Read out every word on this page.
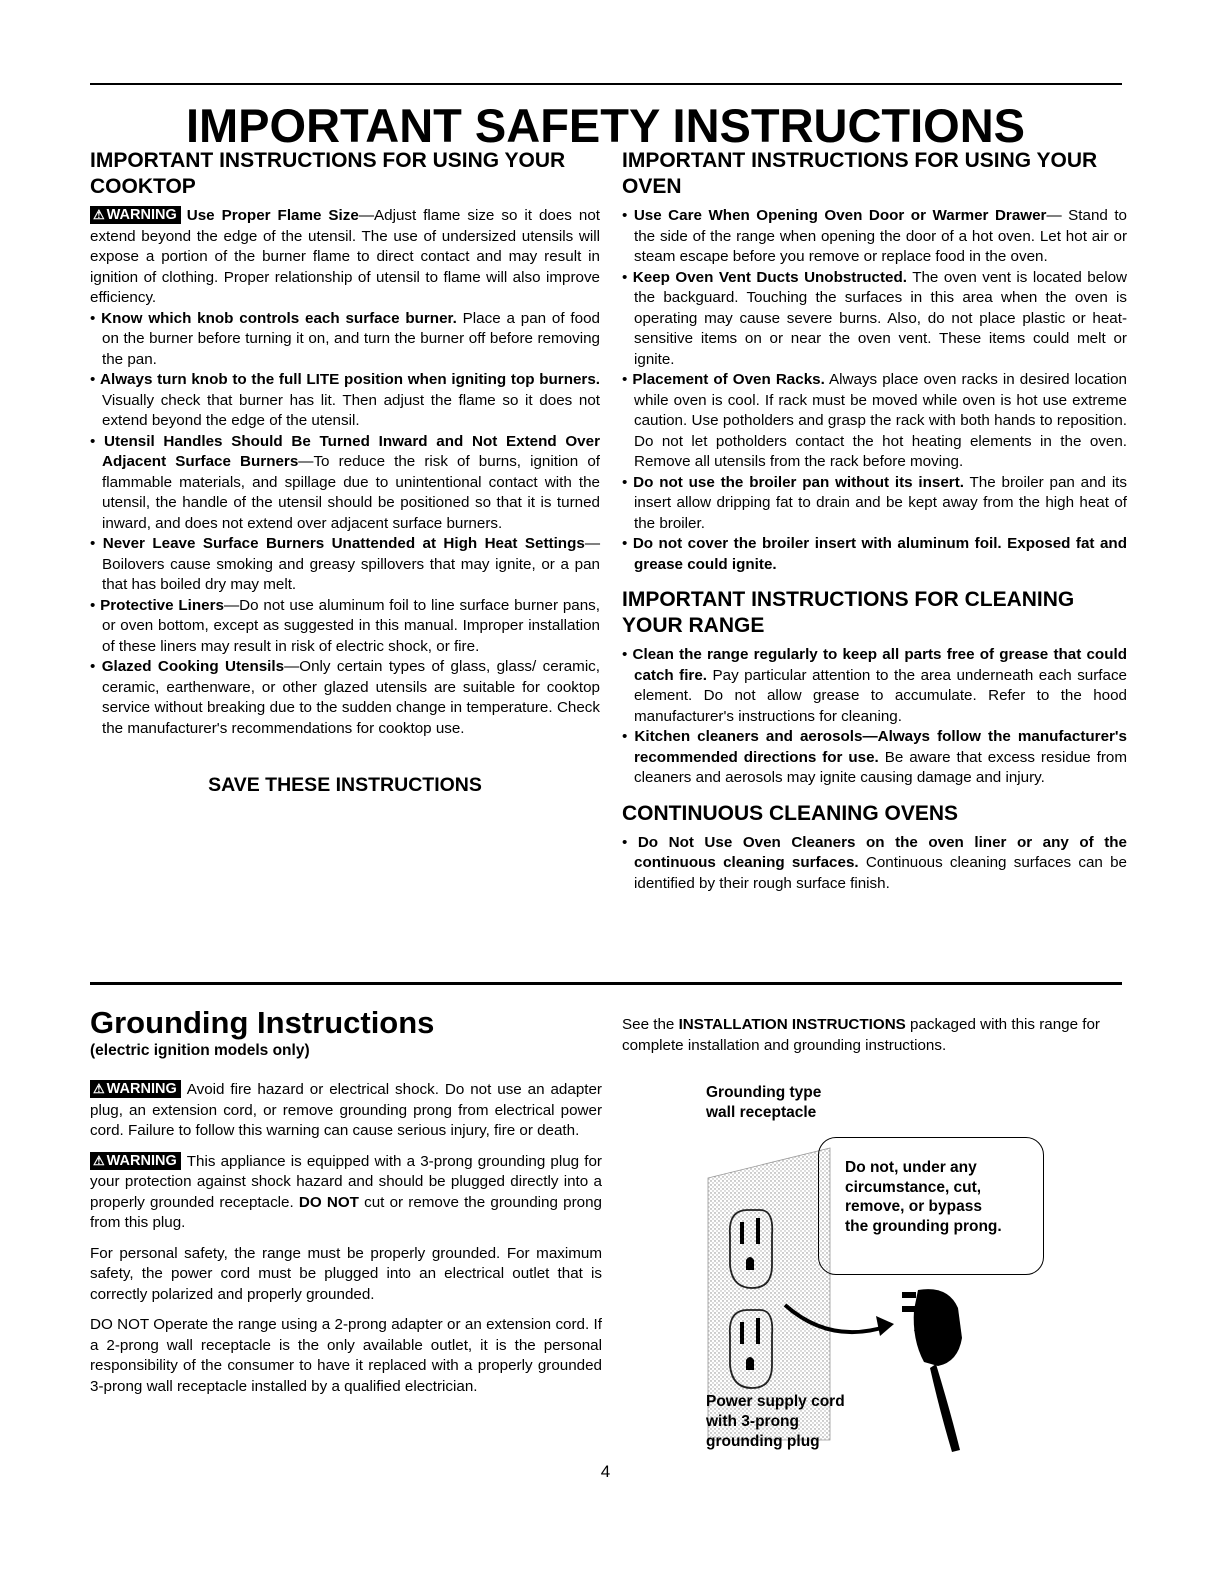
IMPORTANT SAFETY INSTRUCTIONS
IMPORTANT INSTRUCTIONS FOR USING YOUR COOKTOP

⚠ WARNING Use Proper Flame Size—Adjust flame size so it does not extend beyond the edge of the utensil. The use of undersized utensils will expose a portion of the burner flame to direct contact and may result in ignition of clothing. Proper relationship of utensil to flame will also improve efficiency.

• Know which knob controls each surface burner. Place a pan of food on the burner before turning it on, and turn the burner off before removing the pan.

• Always turn knob to the full LITE position when igniting top burners. Visually check that burner has lit. Then adjust the flame so it does not extend beyond the edge of the utensil.

• Utensil Handles Should Be Turned Inward and Not Extend Over Adjacent Surface Burners—To reduce the risk of burns, ignition of flammable materials, and spillage due to unintentional contact with the utensil, the handle of the utensil should be positioned so that it is turned inward, and does not extend over adjacent surface burners.

• Never Leave Surface Burners Unattended at High Heat Settings—Boilovers cause smoking and greasy spillovers that may ignite, or a pan that has boiled dry may melt.

• Protective Liners—Do not use aluminum foil to line surface burner pans, or oven bottom, except as suggested in this manual. Improper installation of these liners may result in risk of electric shock, or fire.

• Glazed Cooking Utensils—Only certain types of glass, glass/ ceramic, ceramic, earthenware, or other glazed utensils are suitable for cooktop service without breaking due to the sudden change in temperature. Check the manufacturer's recommendations for cooktop use.

SAVE THESE INSTRUCTIONS
IMPORTANT INSTRUCTIONS FOR USING YOUR OVEN

• Use Care When Opening Oven Door or Warmer Drawer— Stand to the side of the range when opening the door of a hot oven. Let hot air or steam escape before you remove or replace food in the oven.

• Keep Oven Vent Ducts Unobstructed. The oven vent is located below the backguard. Touching the surfaces in this area when the oven is operating may cause severe burns. Also, do not place plastic or heat-sensitive items on or near the oven vent. These items could melt or ignite.

• Placement of Oven Racks. Always place oven racks in desired location while oven is cool. If rack must be moved while oven is hot use extreme caution. Use potholders and grasp the rack with both hands to reposition. Do not let potholders contact the hot heating elements in the oven. Remove all utensils from the rack before moving.

• Do not use the broiler pan without its insert. The broiler pan and its insert allow dripping fat to drain and be kept away from the high heat of the broiler.

• Do not cover the broiler insert with aluminum foil. Exposed fat and grease could ignite.

IMPORTANT INSTRUCTIONS FOR CLEANING YOUR RANGE

• Clean the range regularly to keep all parts free of grease that could catch fire. Pay particular attention to the area underneath each surface element. Do not allow grease to accumulate. Refer to the hood manufacturer's instructions for cleaning.

• Kitchen cleaners and aerosols—Always follow the manufacturer's recommended directions for use. Be aware that excess residue from cleaners and aerosols may ignite causing damage and injury.

CONTINUOUS CLEANING OVENS

• Do Not Use Oven Cleaners on the oven liner or any of the continuous cleaning surfaces. Continuous cleaning surfaces can be identified by their rough surface finish.

Grounding Instructions
(electric ignition models only)

⚠ WARNING Avoid fire hazard or electrical shock. Do not use an adapter plug, an extension cord, or remove grounding prong from electrical power cord. Failure to follow this warning can cause serious injury, fire or death.

⚠ WARNING This appliance is equipped with a 3-prong grounding plug for your protection against shock hazard and should be plugged directly into a properly grounded receptacle. DO NOT cut or remove the grounding prong from this plug.

For personal safety, the range must be properly grounded. For maximum safety, the power cord must be plugged into an electrical outlet that is correctly polarized and properly grounded.

DO NOT Operate the range using a 2-prong adapter or an extension cord. If a 2-prong wall receptacle is the only available outlet, it is the personal responsibility of the consumer to have it replaced with a properly grounded 3-prong wall receptacle installed by a qualified electrician.

See the INSTALLATION INSTRUCTIONS packaged with this range for complete installation and grounding instructions.
Grounding type
wall receptacle
Do not, under any
circumstance, cut,
remove, or bypass
the grounding prong.
Power supply cord
with 3-prong
grounding plug
4
